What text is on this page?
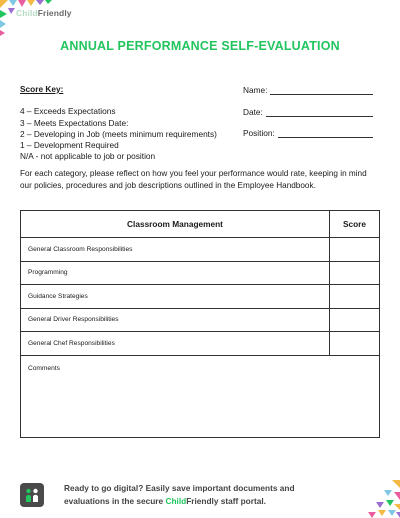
ChildFriendly
ANNUAL PERFORMANCE SELF-EVALUATION
Score Key:
4 – Exceeds Expectations
3 – Meets Expectations Date:
2 – Developing in Job (meets minimum requirements)
1 – Development Required
N/A - not applicable to job or position
Name:
Date:
Position:
For each category, please reflect on how you feel your performance would rate, keeping in mind our policies, procedures and job descriptions outlined in the Employee Handbook.
Classroom Management	Score
General Classroom Responsibilities
Programming
Guidance Strategies
General Driver Responsibilities
General Chef Responsibilities
Comments
Ready to go digital? Easily save important documents and
evaluations in the secure ChildFriendly staff portal.
